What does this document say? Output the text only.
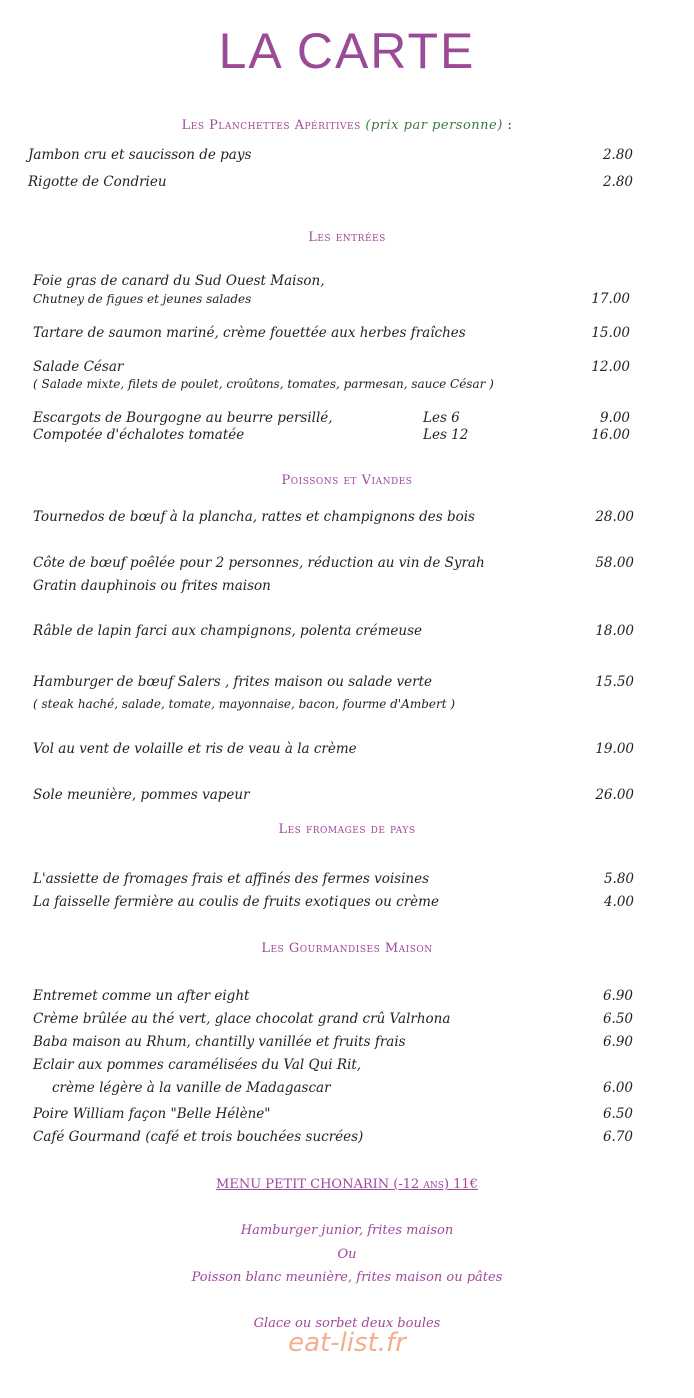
LA CARTE
Les Planchettes Apéritives (prix par personne) :
Jambon cru et saucisson de pays	2.80
Rigotte de Condrieu	2.80
Les entrées
Foie gras de canard du Sud Ouest Maison,
Chutney de figues et jeunes salades	17.00
Tartare de saumon mariné, crème fouettée aux herbes fraîches	15.00
Salade César	12.00
( Salade mixte, filets de poulet, croûtons, tomates, parmesan, sauce César )
Escargots de Bourgogne au beurre persillé,	Les 6	9.00
Compotée d'échalotes tomatée	Les 12	16.00
Poissons et Viandes
Tournedos de bœuf à la plancha, rattes et champignons des bois	28.00
Côte de bœuf poêlée pour 2 personnes, réduction au vin de Syrah	58.00
Gratin dauphinois ou frites maison
Râble de lapin farci aux champignons, polenta crémeuse	18.00
Hamburger de bœuf Salers , frites maison ou salade verte	15.50
( steak haché, salade, tomate, mayonnaise, bacon, fourme d'Ambert )
Vol au vent de volaille et ris de veau à la crème	19.00
Sole meunière, pommes vapeur	26.00
Les fromages de pays
L'assiette de fromages frais et affinés des fermes voisines	5.80
La faisselle fermière au coulis de fruits exotiques ou crème	4.00
Les Gourmandises Maison
Entremet comme un after eight	6.90
Crème brûlée au thé vert, glace chocolat grand crû Valrhona	6.50
Baba maison au Rhum, chantilly vanillée et fruits frais	6.90
Eclair aux pommes caramélisées du Val Qui Rit,
crème légère à la vanille de Madagascar	6.00
Poire William façon "Belle Hélène"	6.50
Café Gourmand (café et trois bouchées sucrées)	6.70
MENU PETIT CHONARIN (-12 ans) 11€
Hamburger junior, frites maison
Ou
Poisson blanc meunière, frites maison ou pâtes
Glace ou sorbet deux boules
eat-list.fr
